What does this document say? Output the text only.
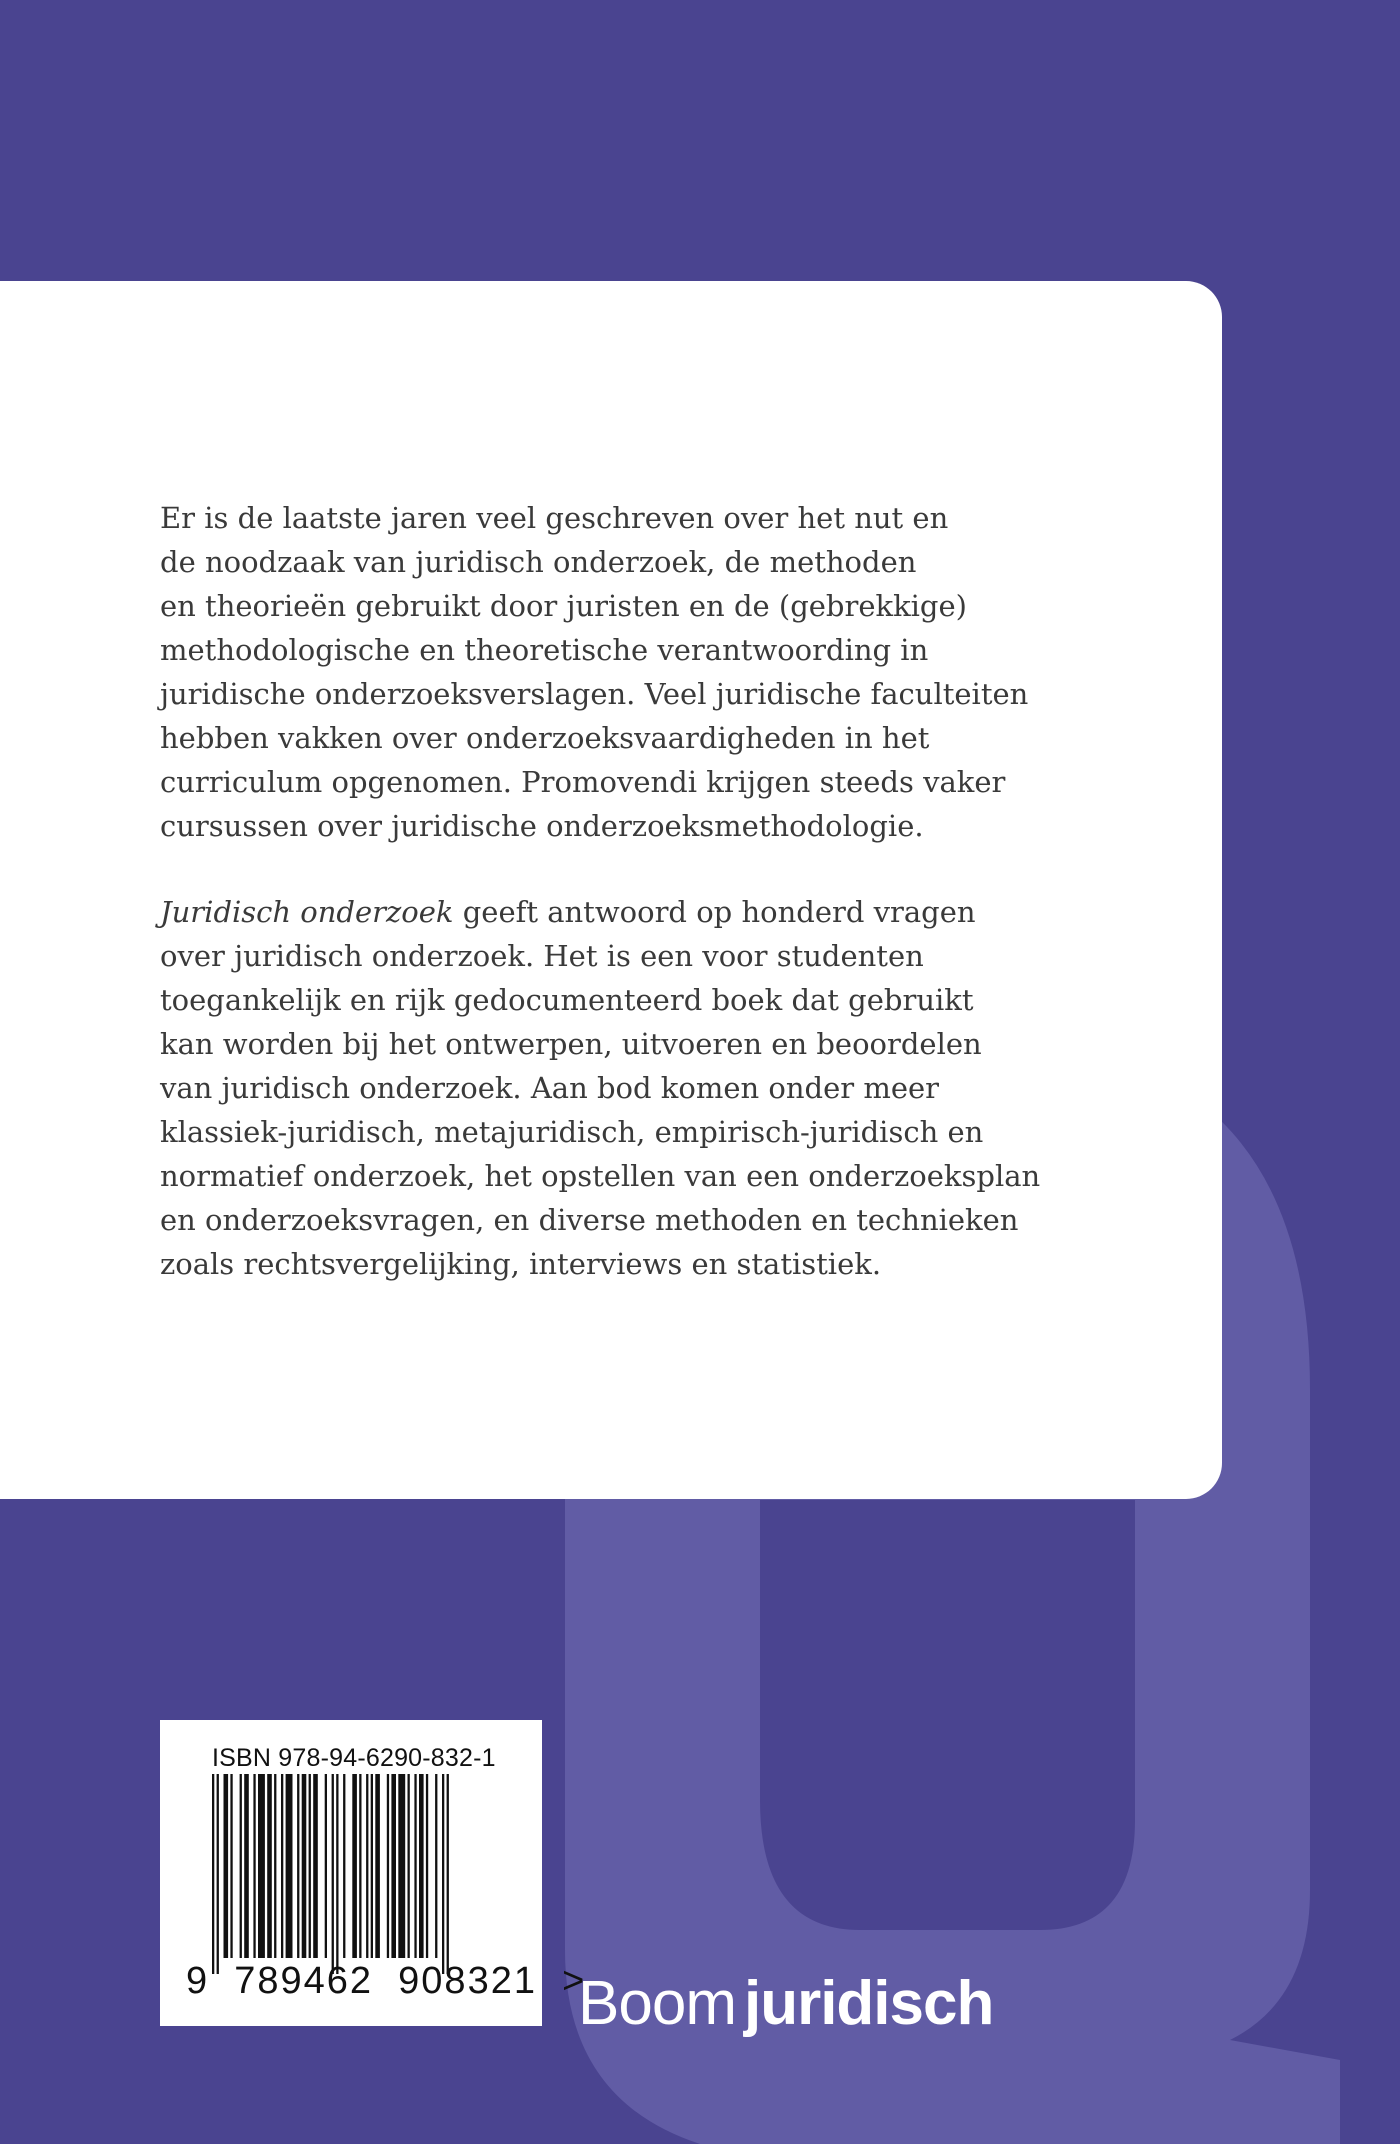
Er is de laatste jaren veel geschreven over het nut en
de noodzaak van juridisch onderzoek, de methoden
en theorieën gebruikt door juristen en de (gebrekkige)
methodologische en theoretische verantwoording in
juridische onderzoeksverslagen. Veel juridische faculteiten
hebben vakken over onderzoeksvaardigheden in het
curriculum opgenomen. Promovendi krijgen steeds vaker
cursussen over juridische onderzoeksmethodologie.

Juridisch onderzoek geeft antwoord op honderd vragen
over juridisch onderzoek. Het is een voor studenten
toegankelijk en rijk gedocumenteerd boek dat gebruikt
kan worden bij het ontwerpen, uitvoeren en beoordelen
van juridisch onderzoek. Aan bod komen onder meer
klassiek-juridisch, metajuridisch, empirisch-juridisch en
normatief onderzoek, het opstellen van een onderzoeksplan
en onderzoeksvragen, en diverse methoden en technieken
zoals rechtsvergelijking, interviews en statistiek.

ISBN 978-94-6290-832-1
9  789462  908321  >
Boom juridisch
